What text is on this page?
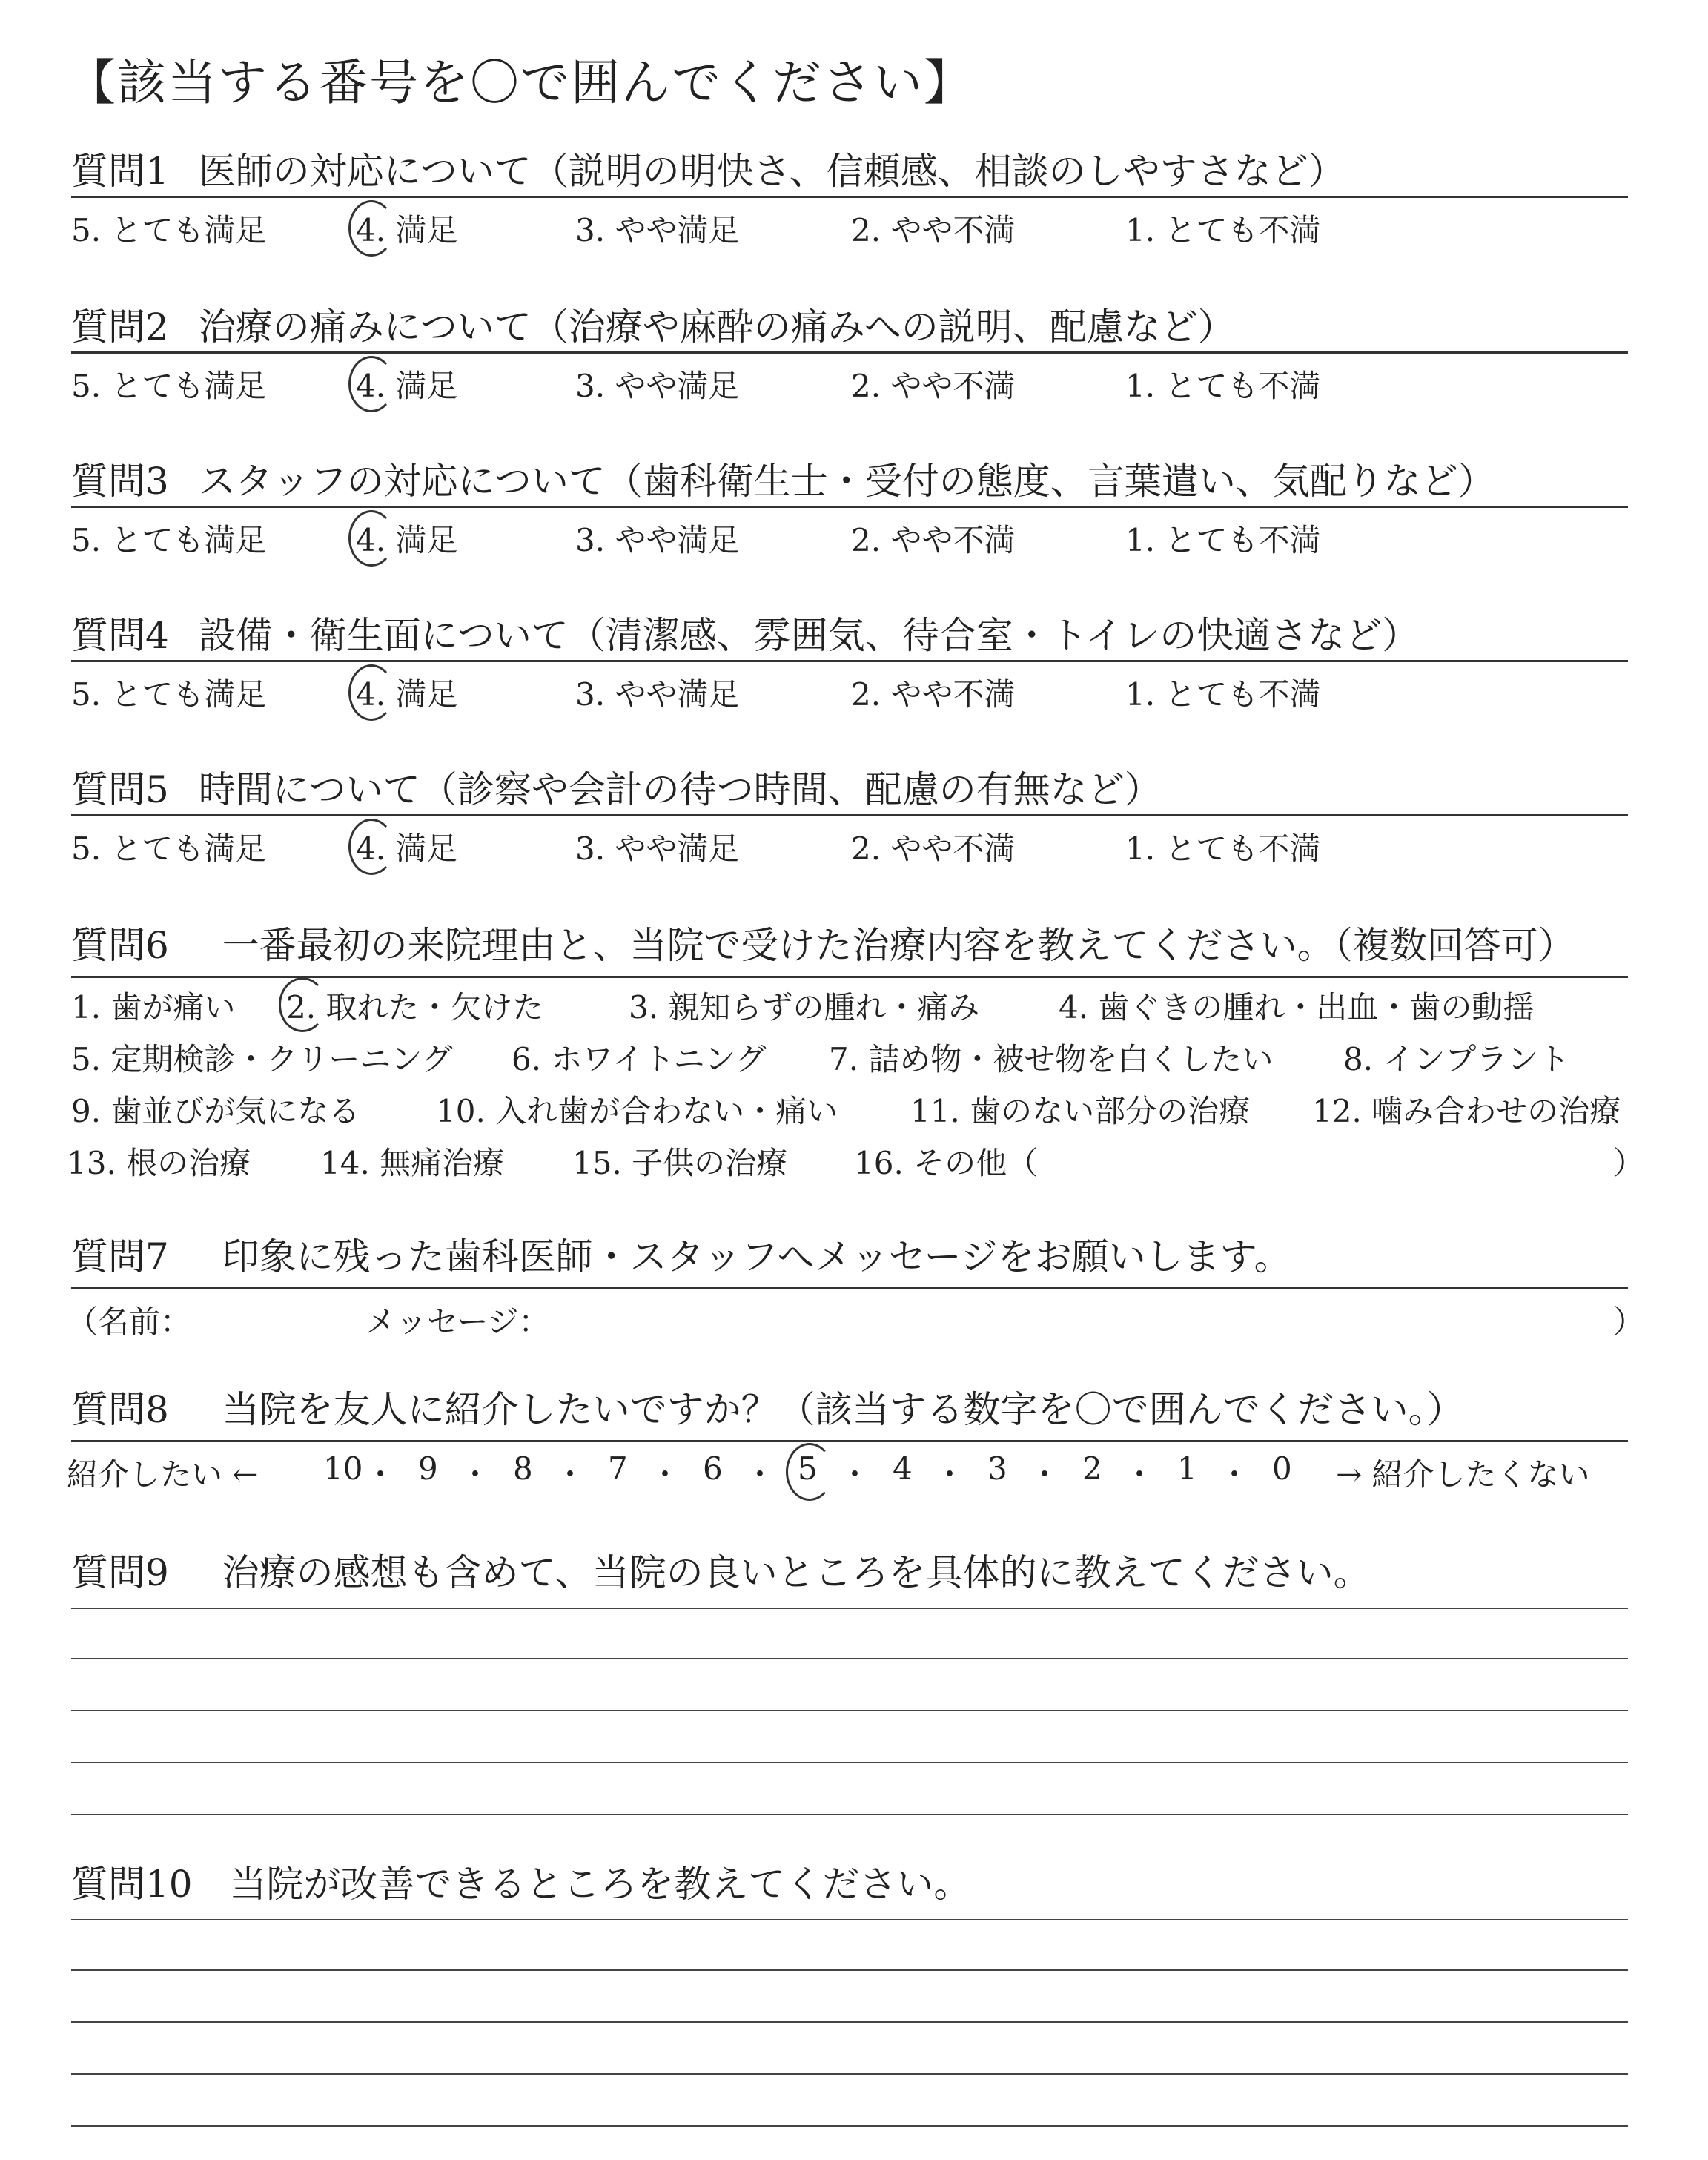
【該当する番号を〇で囲んでください】
質問1 医師の対応について（説明の明快さ、信頼感、相談のしやすさなど）
5. とても満足	4. 満足	3. やや満足	2. やや不満	1. とても不満
質問2 治療の痛みについて（治療や麻酔の痛みへの説明、配慮など）
5. とても満足	4. 満足	3. やや満足	2. やや不満	1. とても不満
質問3 スタッフの対応について（歯科衛生士・受付の態度、言葉遣い、気配りなど）
5. とても満足	4. 満足	3. やや満足	2. やや不満	1. とても不満
質問4 設備・衛生面について（清潔感、雰囲気、待合室・トイレの快適さなど）
5. とても満足	4. 満足	3. やや満足	2. やや不満	1. とても不満
質問5 時間について（診察や会計の待つ時間、配慮の有無など）
5. とても満足	4. 満足	3. やや満足	2. やや不満	1. とても不満
質問6 一番最初の来院理由と、当院で受けた治療内容を教えてください。（複数回答可）
1. 歯が痛い 2. 取れた・欠けた	3. 親知らずの腫れ・痛み	4. 歯ぐきの腫れ・出血・歯の動揺
5. 定期検診・クリーニング 6. ホワイトニング 7. 詰め物・被せ物を白くしたい 8. インプラント
9. 歯並びが気になる 10. 入れ歯が合わない・痛い 11. 歯のない部分の治療 12. 噛み合わせの治療
13. 根の治療 14. 無痛治療 15. 子供の治療 16. その他（	）
質問7 印象に残った歯科医師・スタッフへメッセージをお願いします。
（名前：	メッセージ：	）
質問8 当院を友人に紹介したいですか？（該当する数字を〇で囲んでください。）
紹介したい ← 10 ・ 9 ・ 8 ・ 7 ・ 6 ・ 5 ・ 4 ・ 3 ・ 2 ・ 1 ・ 0 → 紹介したくない
質問9 治療の感想も含めて、当院の良いところを具体的に教えてください。
質問10 当院が改善できるところを教えてください。
